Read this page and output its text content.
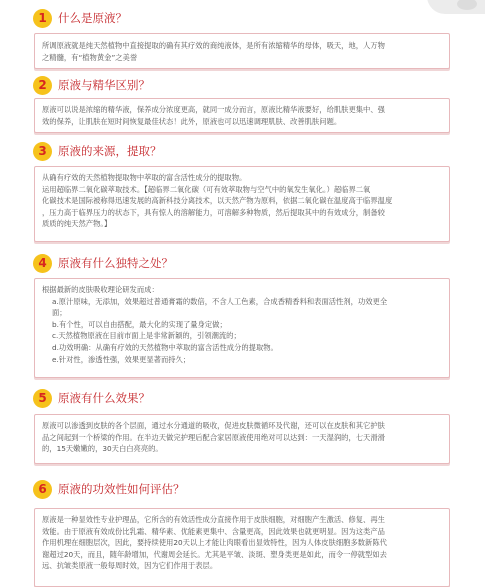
1 什么是原液？

所调原液就是纯天然植物中直接提取的确有其疗效的商纯液体，是所有浓缩精华的母体，吸天，地，人万物

之精髓，有“植物黄金”之美誉

2 原液与精华区别？

原液可以说是浓缩的精华液，保养成分浓度更高，就同一成分而言，原液比精华液要好，给肌肤更集中、强

效的保养，让肌肤在短时间恢复最佳状态！此外，原液也可以迅速调理肌肤、改善肌肤问题。

3 原液的来源，提取？

从确有疗效的天然植物提取物中萃取的富含活性成分的提取物。

运用超临界二氧化碳萃取技术。【超临界二氧化碳（可有效萃取物与空气中的氧发生氧化。）超临界二氧

化碳技术是国际被称得迅速发展的高新科技分离技术，以天然产物为原料，依据二氧化碳在温度高于临界温度

，压力高于临界压力的状态下，具有惊人的溶解能力，可溶解多种物质，然后提取其中的有效成分，制备较

质质的纯天然产物。】

4 原液有什么独特之处？

根据最新的皮肤吸收理论研发而成：

a.原汁原味，无添加，效果超过普通膏霜的数倍，不含人工色素，合成香精香料和表面活性剂，功效更全

面；

b.有个性，可以自由搭配，最大化的实现了量身定做；

c.天然植物原液在目前市面上是非常新颖的，引领潮流的；

d.功效明确：从确有疗效的天然植物中萃取的富含活性成分的提取物。

e.针对性，渗透性强，效果更显著而持久；

5 原液有什么效果？

原液可以渗透到皮肤的各个层面，通过水分通道的吸收，促进皮肤微循环及代谢，还可以在皮肤和其它护肤

品之间起到一个桥梁的作用。在半边天做完护理后配合家居原液使用绝对可以达到：一天湿润的，七天滑滑

的，15天嫩嫩的，30天白白亮亮的。

6 原液的功效性如何评估？

原液是一种显效性专业护理品，它所含的有效活性成分直接作用于皮肤细胞，对细胞产生激活、修复、再生

效能。由于原液有效成份比乳霜、精华素、优能素更集中、含量更高，因此效果也就更明显。因为这类产品

作用机理在细胞层次，因此，要持续使用20天以上才能让肉眼看出显效特性，因为人体皮肤细胞多数新陈代

谢超过20天，而且，随年龄增加，代谢周会延长。尤其是平皱、淡斑、塑身类更是如此，而令一停就型如去

远、抗皱类原液一般每周时效，因为它们作用于表层。
